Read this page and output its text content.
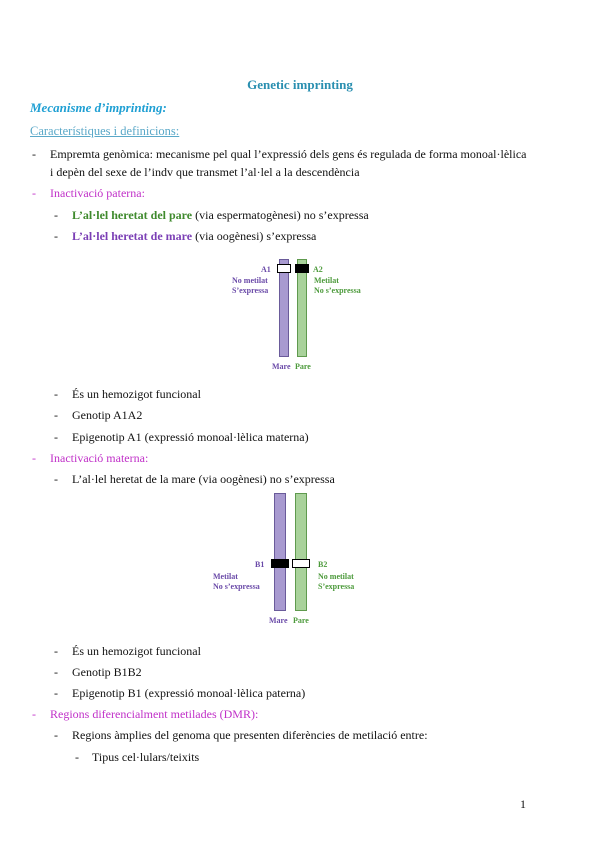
Genetic imprinting
Mecanisme d’imprinting:
Característiques i definicions:
- Empremta genòmica: mecanisme pel qual l’expressió dels gens és regulada de forma monoal·lèlica
i depèn del sexe de l’indv que transmet l’al·lel a la descendència
- Inactivació paterna:
- L’al·lel heretat del pare (via espermatogènesi) no s’expressa
- L’al·lel heretat de mare (via oogènesi) s’expressa
A1	A2
No metilat
S’expressa
Metilat
No s’expressa
Mare Pare
- És un hemozigot funcional
- Genotip A1A2
- Epigenotip A1 (expressió monoal·lèlica materna)
- Inactivació materna:
- L’al·lel heretat de la mare (via oogènesi) no s’expressa
B1	B2
Metilat
No s’expressa
No metilat
S’expressa
Mare Pare
- És un hemozigot funcional
- Genotip B1B2
- Epigenotip B1 (expressió monoal·lèlica paterna)
- Regions diferencialment metilades (DMR):
- Regions àmplies del genoma que presenten diferències de metilació entre:
- Tipus cel·lulars/teixits
1
